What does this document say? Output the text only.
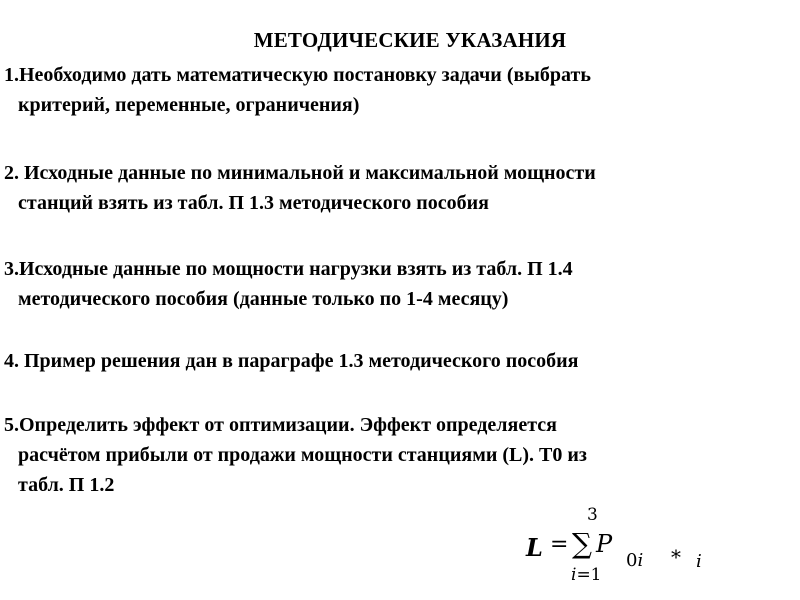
МЕТОДИЧЕСКИЕ УКАЗАНИЯ
1.Необходимо дать математическую постановку задачи (выбрать
критерий, переменные, ограничения)
2. Исходные данные по минимальной и максимальной мощности
станций взять из табл. П 1.3 методического пособия
3.Исходные данные по мощности нагрузки взять из табл. П 1.4
методического пособия (данные только по 1-4 месяцу)
4. Пример решения дан в параграфе 1.3 методического пособия
5.Определить эффект от оптимизации. Эффект определяется
расчётом прибыли от продажи мощности станциями (L). Т0 из
табл. П 1.2
L =
3
∑ P
i=1
0i * i
